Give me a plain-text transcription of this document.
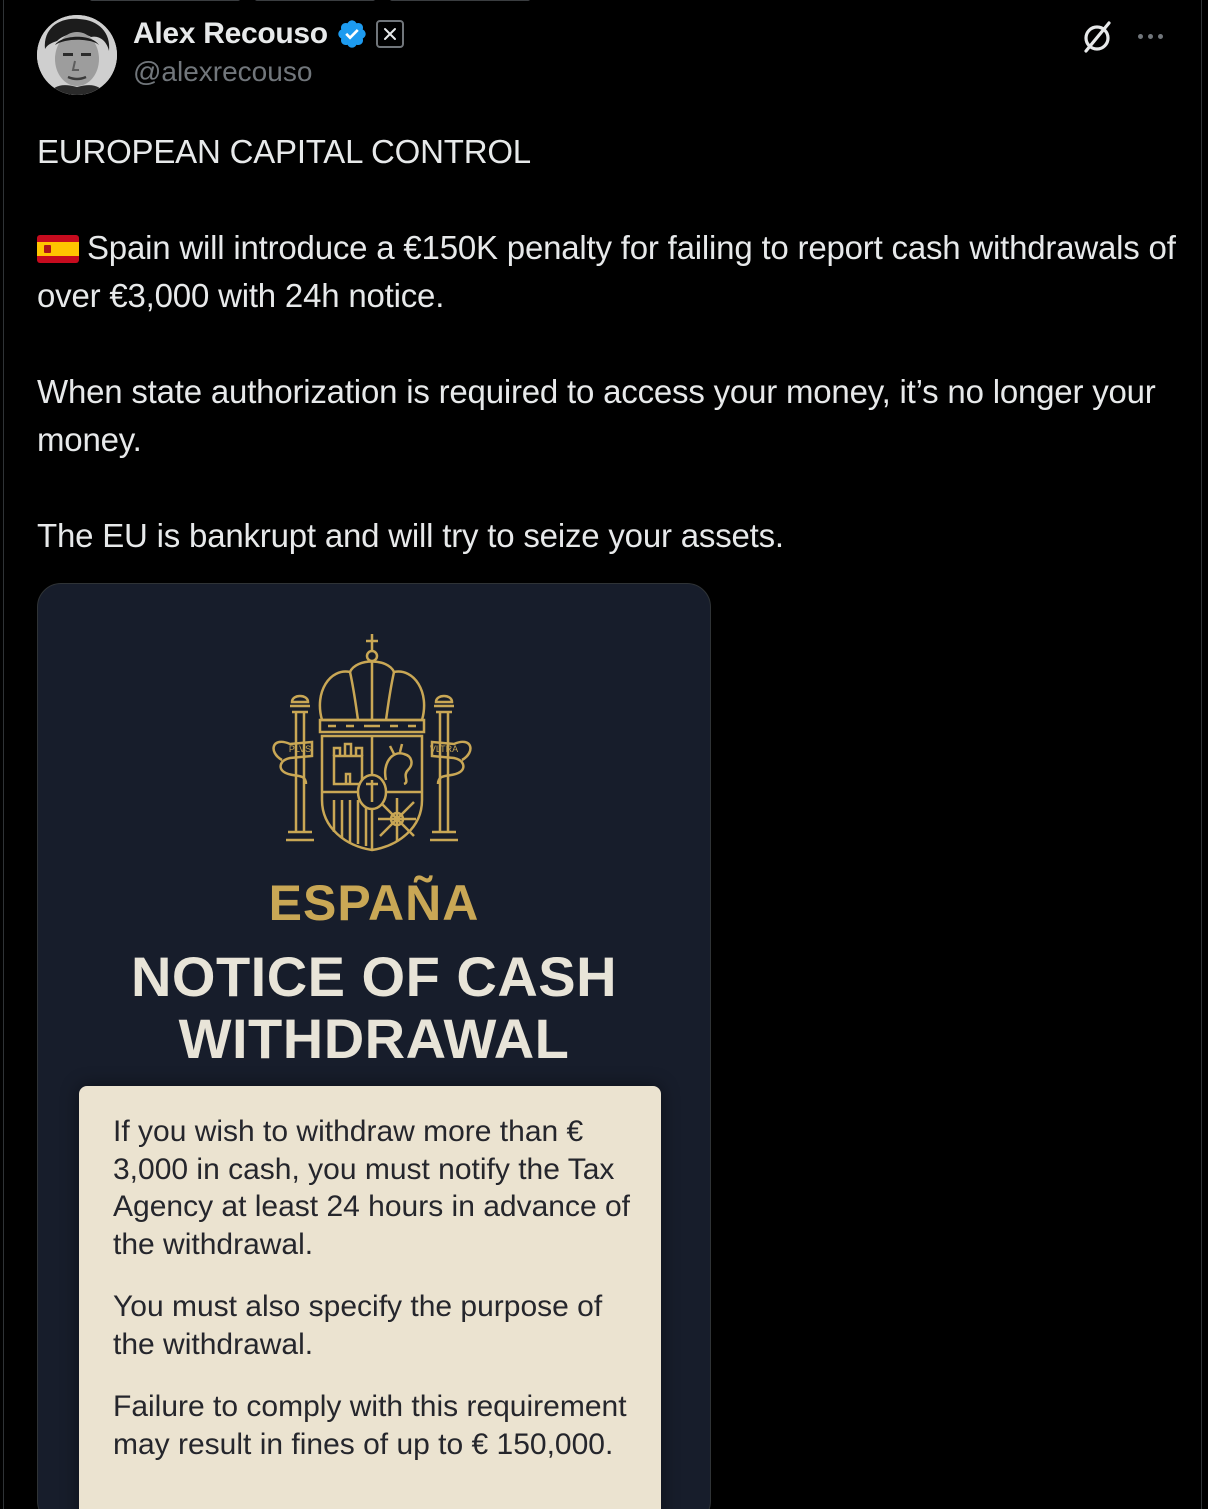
Alex Recouso
@alexrecouso

EUROPEAN CAPITAL CONTROL

Spain will introduce a €150K penalty for failing to report cash withdrawals of over €3,000 with 24h notice.

When state authorization is required to access your money, it’s no longer your money.

The EU is bankrupt and will try to seize your assets.

PLVS	VLTRA
ESPAÑA
NOTICE OF CASH
WITHDRAWAL

If you wish to withdraw more than € 3,000 in cash, you must notify the Tax Agency at least 24 hours in advance of the withdrawal.

You must also specify the purpose of the withdrawal.

Failure to comply with this requirement may result in fines of up to € 150,000.
